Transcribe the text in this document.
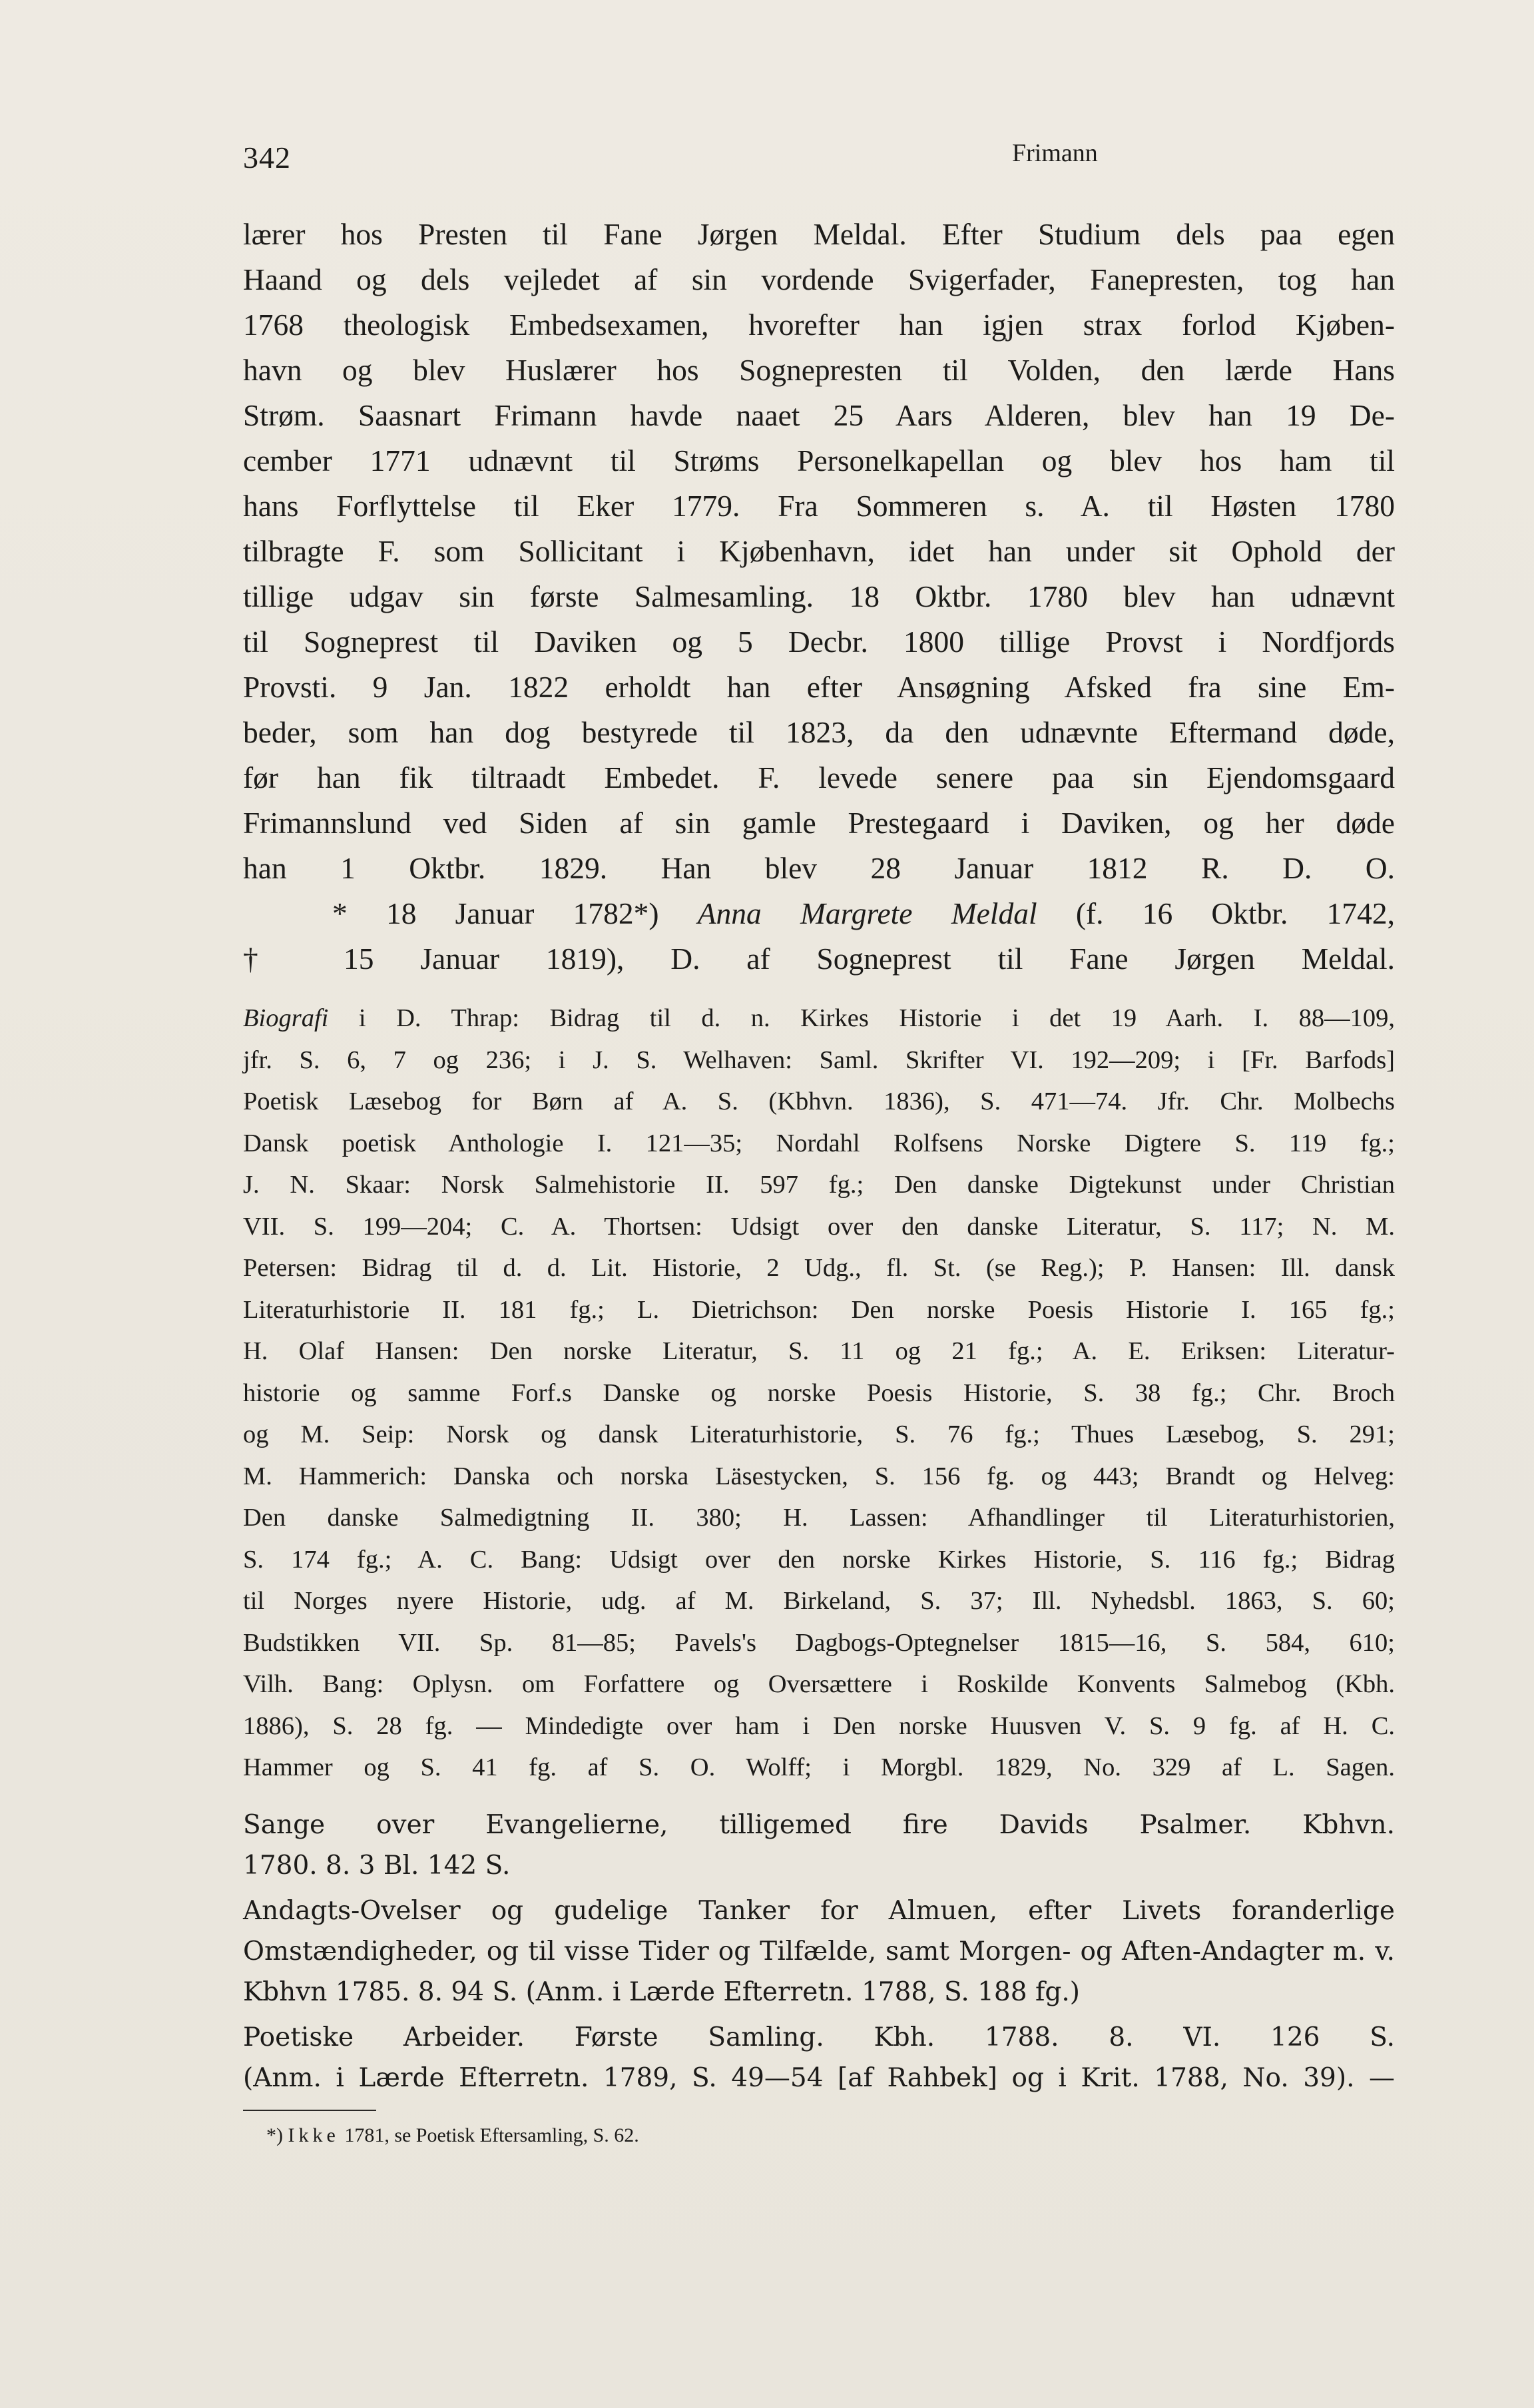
342	Frimann
lærer hos Presten til Fane Jørgen Meldal. Efter Studium dels paa egen
Haand og dels vejledet af sin vordende Svigerfader, Fanepresten, tog han
1768 theologisk Embedsexamen, hvorefter han igjen strax forlod Kjøben-
havn og blev Huslærer hos Sognepresten til Volden, den lærde Hans
Strøm. Saasnart Frimann havde naaet 25 Aars Alderen, blev han 19 De-
cember 1771 udnævnt til Strøms Personelkapellan og blev hos ham til
hans Forflyttelse til Eker 1779. Fra Sommeren s. A. til Høsten 1780
tilbragte F. som Sollicitant i Kjøbenhavn, idet han under sit Ophold der
tillige udgav sin første Salmesamling. 18 Oktbr. 1780 blev han udnævnt
til Sogneprest til Daviken og 5 Decbr. 1800 tillige Provst i Nordfjords
Provsti. 9 Jan. 1822 erholdt han efter Ansøgning Afsked fra sine Em-
beder, som han dog bestyrede til 1823, da den udnævnte Eftermand døde,
før han fik tiltraadt Embedet. F. levede senere paa sin Ejendomsgaard
Frimannslund ved Siden af sin gamle Prestegaard i Daviken, og her døde
han 1 Oktbr. 1829. Han blev 28 Januar 1812 R. D. O.
* 18 Januar 1782*) Anna Margrete Meldal (f. 16 Oktbr. 1742,
† 15 Januar 1819), D. af Sogneprest til Fane Jørgen Meldal.
Biografi i D. Thrap: Bidrag til d. n. Kirkes Historie i det 19 Aarh. I. 88—109,
jfr. S. 6, 7 og 236; i J. S. Welhaven: Saml. Skrifter VI. 192—209; i [Fr. Barfods]
Poetisk Læsebog for Børn af A. S. (Kbhvn. 1836), S. 471—74. Jfr. Chr. Molbechs
Dansk poetisk Anthologie I. 121—35; Nordahl Rolfsens Norske Digtere S. 119 fg.;
J. N. Skaar: Norsk Salmehistorie II. 597 fg.; Den danske Digtekunst under Christian
VII. S. 199—204; C. A. Thortsen: Udsigt over den danske Literatur, S. 117; N. M.
Petersen: Bidrag til d. d. Lit. Historie, 2 Udg., fl. St. (se Reg.); P. Hansen: Ill. dansk
Literaturhistorie II. 181 fg.; L. Dietrichson: Den norske Poesis Historie I. 165 fg.;
H. Olaf Hansen: Den norske Literatur, S. 11 og 21 fg.; A. E. Eriksen: Literatur-
historie og samme Forf.s Danske og norske Poesis Historie, S. 38 fg.; Chr. Broch
og M. Seip: Norsk og dansk Literaturhistorie, S. 76 fg.; Thues Læsebog, S. 291;
M. Hammerich: Danska och norska Läsestycken, S. 156 fg. og 443; Brandt og Helveg:
Den danske Salmedigtning II. 380; H. Lassen: Afhandlinger til Literaturhistorien,
S. 174 fg.; A. C. Bang: Udsigt over den norske Kirkes Historie, S. 116 fg.; Bidrag
til Norges nyere Historie, udg. af M. Birkeland, S. 37; Ill. Nyhedsbl. 1863, S. 60;
Budstikken VII. Sp. 81—85; Pavels's Dagbogs-Optegnelser 1815—16, S. 584, 610;
Vilh. Bang: Oplysn. om Forfattere og Oversættere i Roskilde Konvents Salmebog (Kbh.
1886), S. 28 fg. — Mindedigte over ham i Den norske Huusven V. S. 9 fg. af H. C.
Hammer og S. 41 fg. af S. O. Wolff; i Morgbl. 1829, No. 329 af L. Sagen.
Sange over Evangelierne, tilligemed fire Davids Psalmer. Kbhvn.
1780. 8. 3 Bl. 142 S.
Andagts-Ovelser og gudelige Tanker for Almuen, efter Livets foranderlige
Omstændigheder, og til visse Tider og Tilfælde, samt Morgen- og Aften-Andagter m. v.
Kbhvn 1785. 8. 94 S. (Anm. i Lærde Efterretn. 1788, S. 188 fg.)
Poetiske Arbeider. Første Samling. Kbh. 1788. 8. VI. 126 S.
(Anm. i Lærde Efterretn. 1789, S. 49—54 [af Rahbek] og i Krit. 1788, No. 39). —
*) Ikke 1781, se Poetisk Eftersamling, S. 62.
